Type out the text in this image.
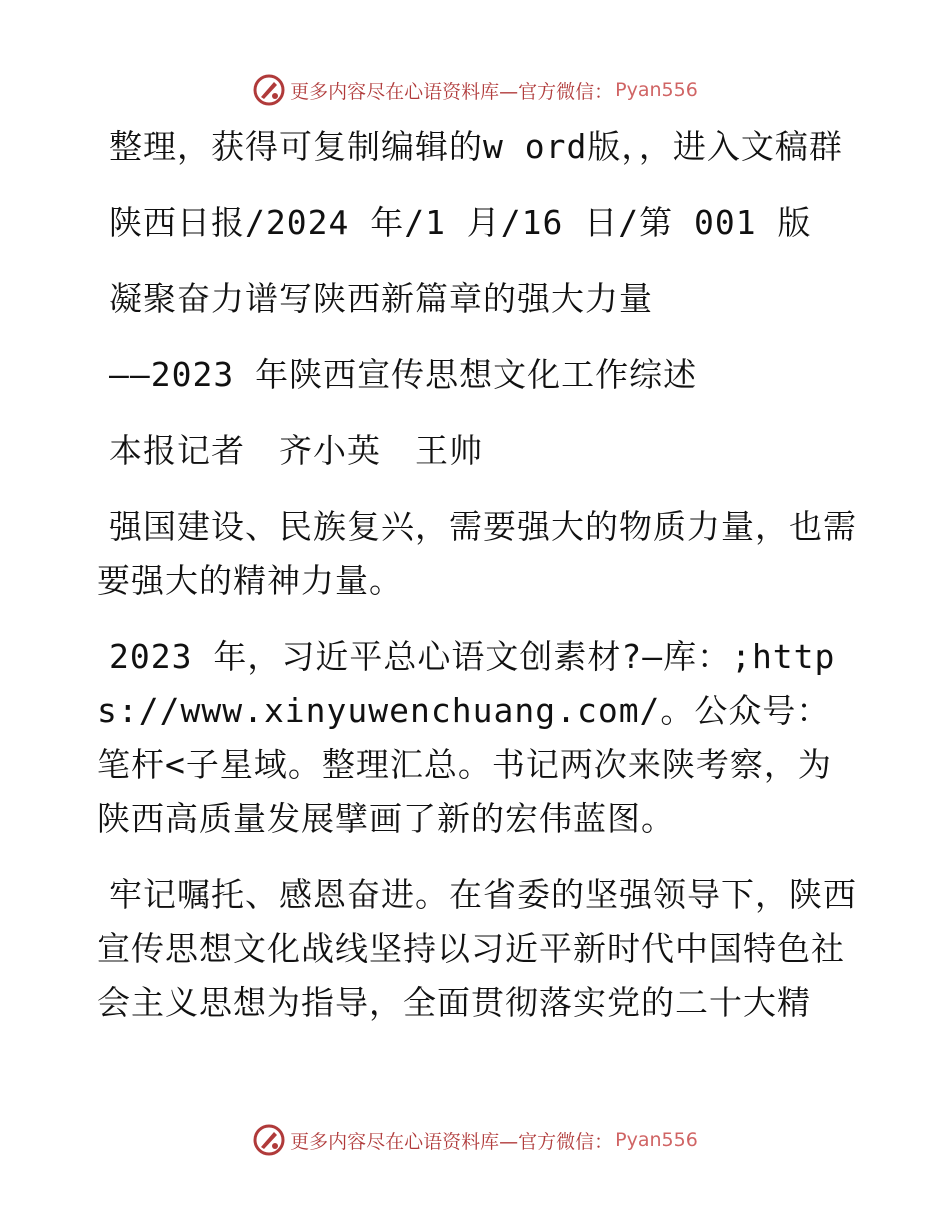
更多内容尽在心语资料库—官方微信： Pyan556

整理，获得可复制编辑的w ord版，，进入文稿群

陕西日报/2024 年/1 月/16 日/第 001 版

凝聚奋力谱写陕西新篇章的强大力量

——2023 年陕西宣传思想文化工作综述

本报记者　齐小英　王帅

强国建设、民族复兴，需要强大的物质力量，也需要强大的精神力量。

2023 年，习近平总心语文创素材?—库：;https://www.xinyuwenchuang.com/。公众号：笔杆<子星域。整理汇总。书记两次来陕考察，为陕西高质量发展擘画了新的宏伟蓝图。

牢记嘱托、感恩奋进。在省委的坚强领导下，陕西宣传思想文化战线坚持以习近平新时代中国特色社会主义思想为指导，全面贯彻落实党的二十大精

更多内容尽在心语资料库—官方微信： Pyan556
